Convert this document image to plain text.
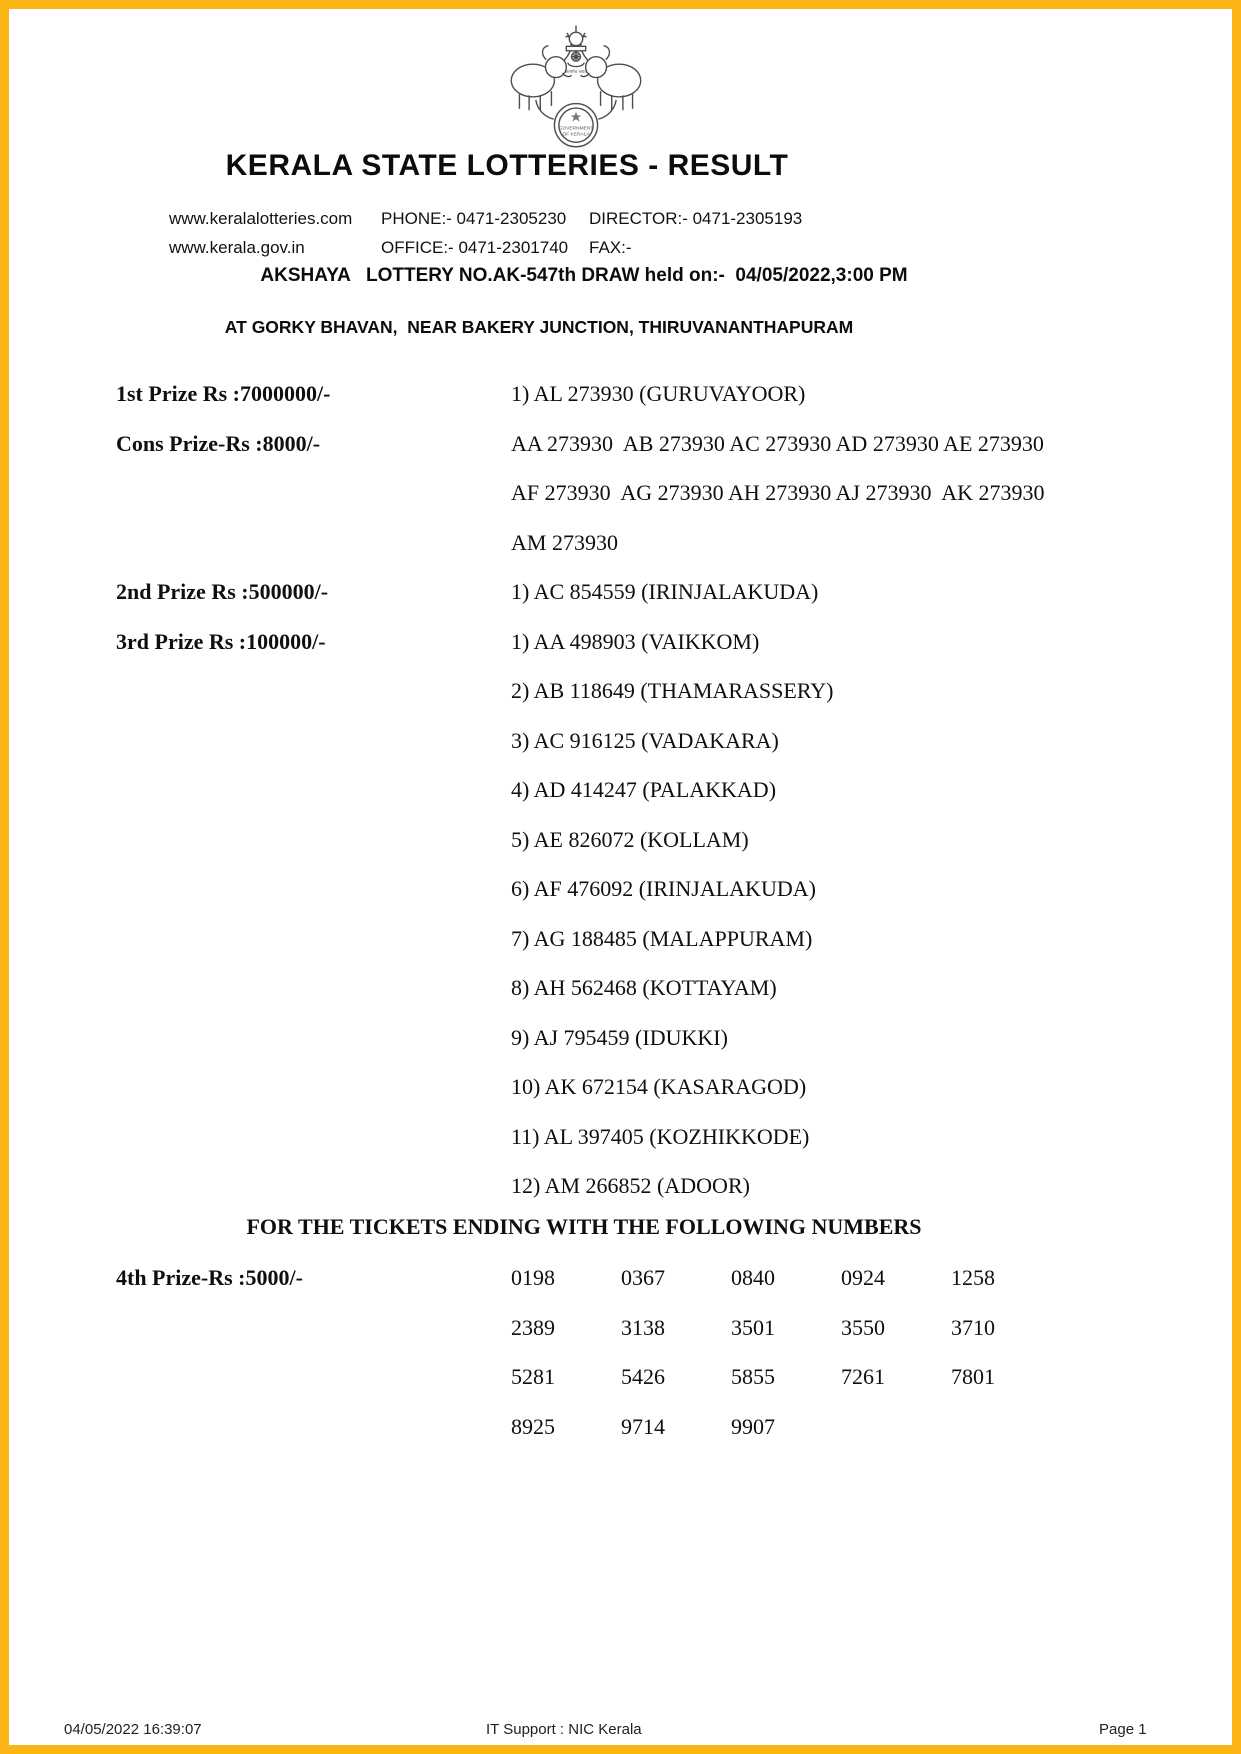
सत्यमेव जयते
GOVERNMENT
OF KERALA
KERALA STATE LOTTERIES - RESULT
www.keralalotteries.com	PHONE:- 0471-2305230	DIRECTOR:- 0471-2305193
www.kerala.gov.in	OFFICE:- 0471-2301740	FAX:-
AKSHAYA   LOTTERY NO.AK-547th DRAW held on:-  04/05/2022,3:00 PM
AT GORKY BHAVAN,  NEAR BAKERY JUNCTION, THIRUVANANTHAPURAM
1st Prize Rs :7000000/-	1) AL 273930 (GURUVAYOOR)
Cons Prize-Rs :8000/-	AA 273930  AB 273930 AC 273930 AD 273930 AE 273930
AF 273930  AG 273930 AH 273930 AJ 273930  AK 273930
AM 273930
2nd Prize Rs :500000/-	1) AC 854559 (IRINJALAKUDA)
3rd Prize Rs :100000/-	1) AA 498903 (VAIKKOM)
2) AB 118649 (THAMARASSERY)
3) AC 916125 (VADAKARA)
4) AD 414247 (PALAKKAD)
5) AE 826072 (KOLLAM)
6) AF 476092 (IRINJALAKUDA)
7) AG 188485 (MALAPPURAM)
8) AH 562468 (KOTTAYAM)
9) AJ 795459 (IDUKKI)
10) AK 672154 (KASARAGOD)
11) AL 397405 (KOZHIKKODE)
12) AM 266852 (ADOOR)
FOR THE TICKETS ENDING WITH THE FOLLOWING NUMBERS
4th Prize-Rs :5000/-	0198	0367	0840	0924	1258
2389	3138	3501	3550	3710
5281	5426	5855	7261	7801
8925	9714	9907
04/05/2022 16:39:07	IT Support : NIC Kerala	Page 1
